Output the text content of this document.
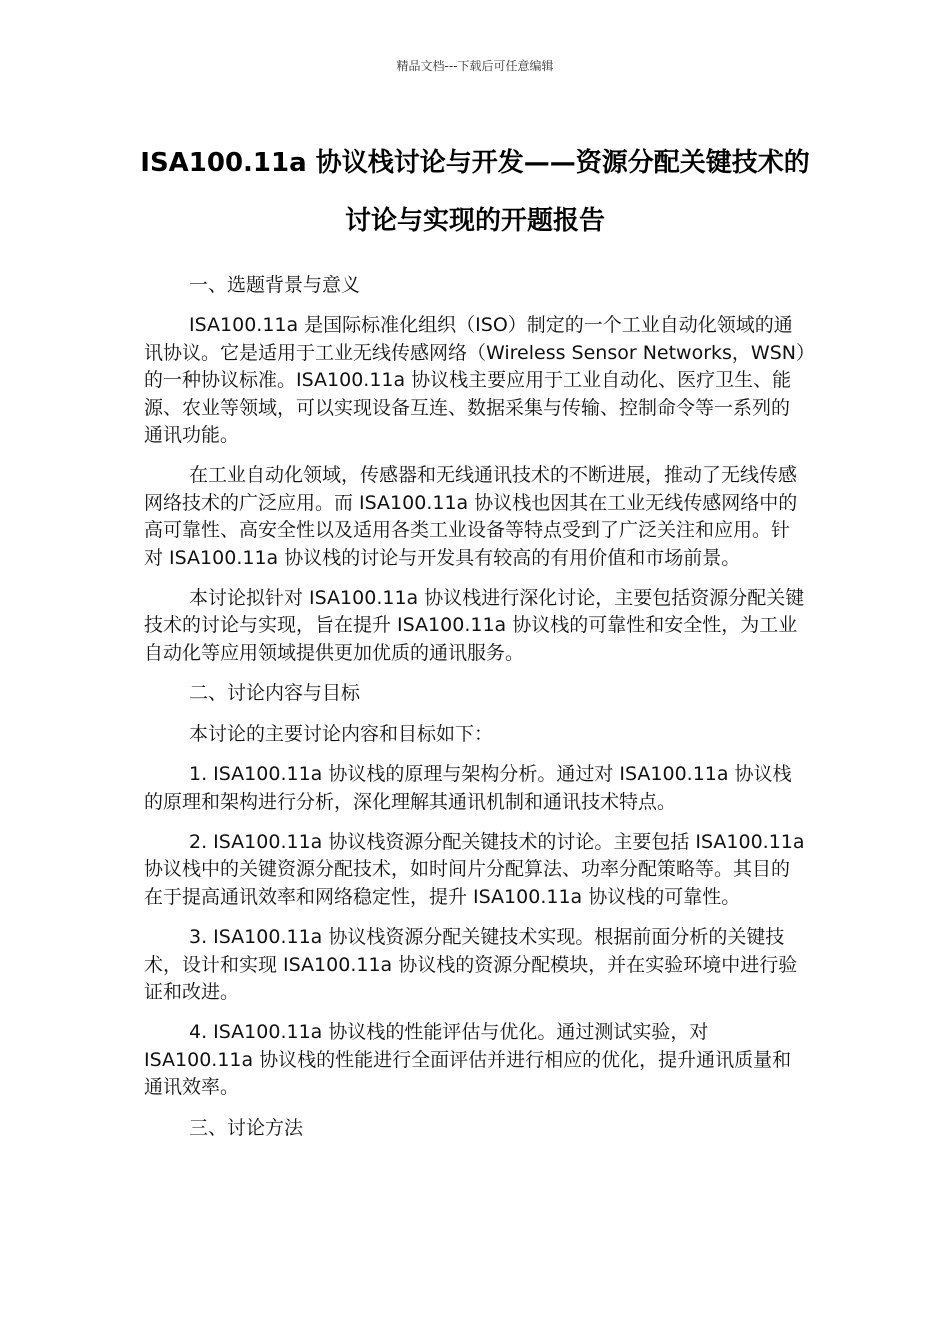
精品文档---下载后可任意编辑
ISA100.11a 协议栈讨论与开发——资源分配关键技术的讨论与实现的开题报告

一、选题背景与意义

ISA100.11a 是国际标准化组织（ISO）制定的一个工业自动化领域的通讯协议。它是适用于工业无线传感网络（Wireless Sensor Networks，WSN）的一种协议标准。ISA100.11a 协议栈主要应用于工业自动化、医疗卫生、能源、农业等领域，可以实现设备互连、数据采集与传输、控制命令等一系列的通讯功能。

在工业自动化领域，传感器和无线通讯技术的不断进展，推动了无线传感网络技术的广泛应用。而 ISA100.11a 协议栈也因其在工业无线传感网络中的高可靠性、高安全性以及适用各类工业设备等特点受到了广泛关注和应用。针对 ISA100.11a 协议栈的讨论与开发具有较高的有用价值和市场前景。

本讨论拟针对 ISA100.11a 协议栈进行深化讨论，主要包括资源分配关键技术的讨论与实现，旨在提升 ISA100.11a 协议栈的可靠性和安全性，为工业自动化等应用领域提供更加优质的通讯服务。

二、讨论内容与目标

本讨论的主要讨论内容和目标如下：

1. ISA100.11a 协议栈的原理与架构分析。通过对 ISA100.11a 协议栈的原理和架构进行分析，深化理解其通讯机制和通讯技术特点。

2. ISA100.11a 协议栈资源分配关键技术的讨论。主要包括 ISA100.11a 协议栈中的关键资源分配技术，如时间片分配算法、功率分配策略等。其目的在于提高通讯效率和网络稳定性，提升 ISA100.11a 协议栈的可靠性。

3. ISA100.11a 协议栈资源分配关键技术实现。根据前面分析的关键技术，设计和实现 ISA100.11a 协议栈的资源分配模块，并在实验环境中进行验证和改进。

4. ISA100.11a 协议栈的性能评估与优化。通过测试实验，对 ISA100.11a 协议栈的性能进行全面评估并进行相应的优化，提升通讯质量和通讯效率。

三、讨论方法
